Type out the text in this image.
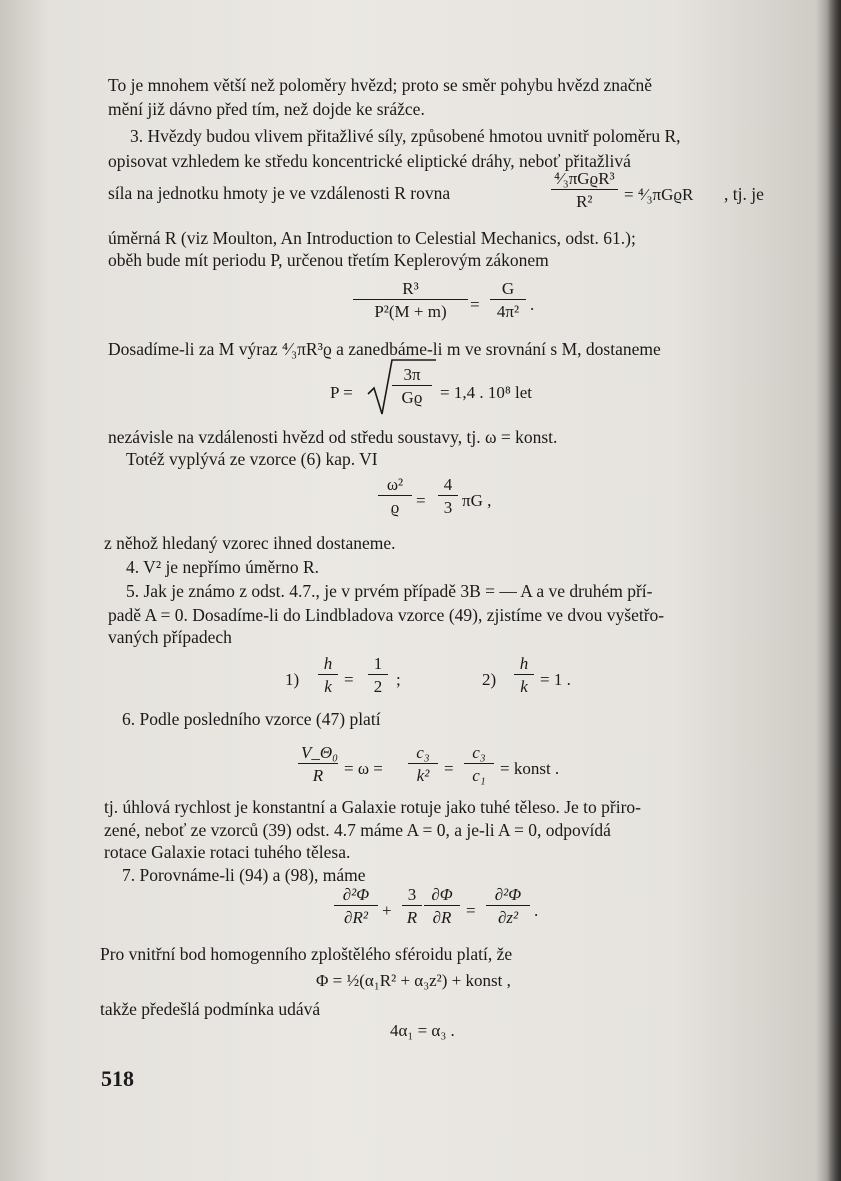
To je mnohem větší než poloměry hvězd; proto se směr pohybu hvězd značně
mění již dávno před tím, než dojde ke srážce.
3. Hvězdy budou vlivem přitažlivé síly, způsobené hmotou uvnitř poloměru R,
opisovat vzhledem ke středu koncentrické eliptické dráhy, neboť přitažlivá
síla na jednotku hmoty je ve vzdálenosti R rovna
⁴⁄₃πGϱR³
R²	= ⁴⁄₃πGϱR , tj. je
úměrná R (viz Moulton, An Introduction to Celestial Mechanics, odst. 61.);
oběh bude mít periodu P, určenou třetím Keplerovým zákonem
$\frac{\text{R³}}{\text{P²(M + m)}} = \frac{G}{\text{4π²}}$ .
Dosadíme-li za M výraz ⁴⁄₃πR³ϱ a zanedbáme-li m ve srovnání s M, dostaneme
$P = \frac{3\pi}{Gϱ} = 1,4$ . 10⁸ let
nezávisle na vzdálenosti hvězd od středu soustavy, tj. ω = konst.
Totéž vyplývá ze vzorce (6) kap. VI
$\frac{\text{ω²}}{ϱ} = \frac{4}{3}$ πG ,
z něhož hledaný vzorec ihned dostaneme.
4. V² je nepřímo úměrno R.
5. Jak je známo z odst. 4.7., je v prvém případě 3B = — A a ve druhém pří-
padě A = 0. Dosadíme-li do Lindbladova vzorce (49), zjistíme ve dvou vyšetřo-
vaných případech
$1) \frac{h}{k} = \frac{1}{2}$ ;	$2) \frac{h}{k} = 1$ .
6. Podle posledního vzorce (47) platí
$\frac{\text{V\_Θ₀}}{R} = \omega = \frac{\text{c₃}}{\text{k²}} = \frac{\text{c₃}}{\text{c₁}}$ = konst .
tj. úhlová rychlost je konstantní a Galaxie rotuje jako tuhé těleso. Je to přiro-
zené, neboť ze vzorců (39) odst. 4.7 máme A = 0, a je-li A = 0, odpovídá
rotace Galaxie rotaci tuhého tělesa.
7. Porovnáme-li (94) a (98), máme
$\frac{\text{∂²Φ}}{\text{∂R²}} + \frac{3}{R} \frac{\partial\Phi}{\partial R} = \frac{\text{∂²Φ}}{\text{∂z²}}$ .
Pro vnitřní bod homogenního zploštělého sféroidu platí, že
Φ = ½(α₁R² + α₃z²) + konst ,
takže předešlá podmínka udává
4α₁ = α₃ .
518
